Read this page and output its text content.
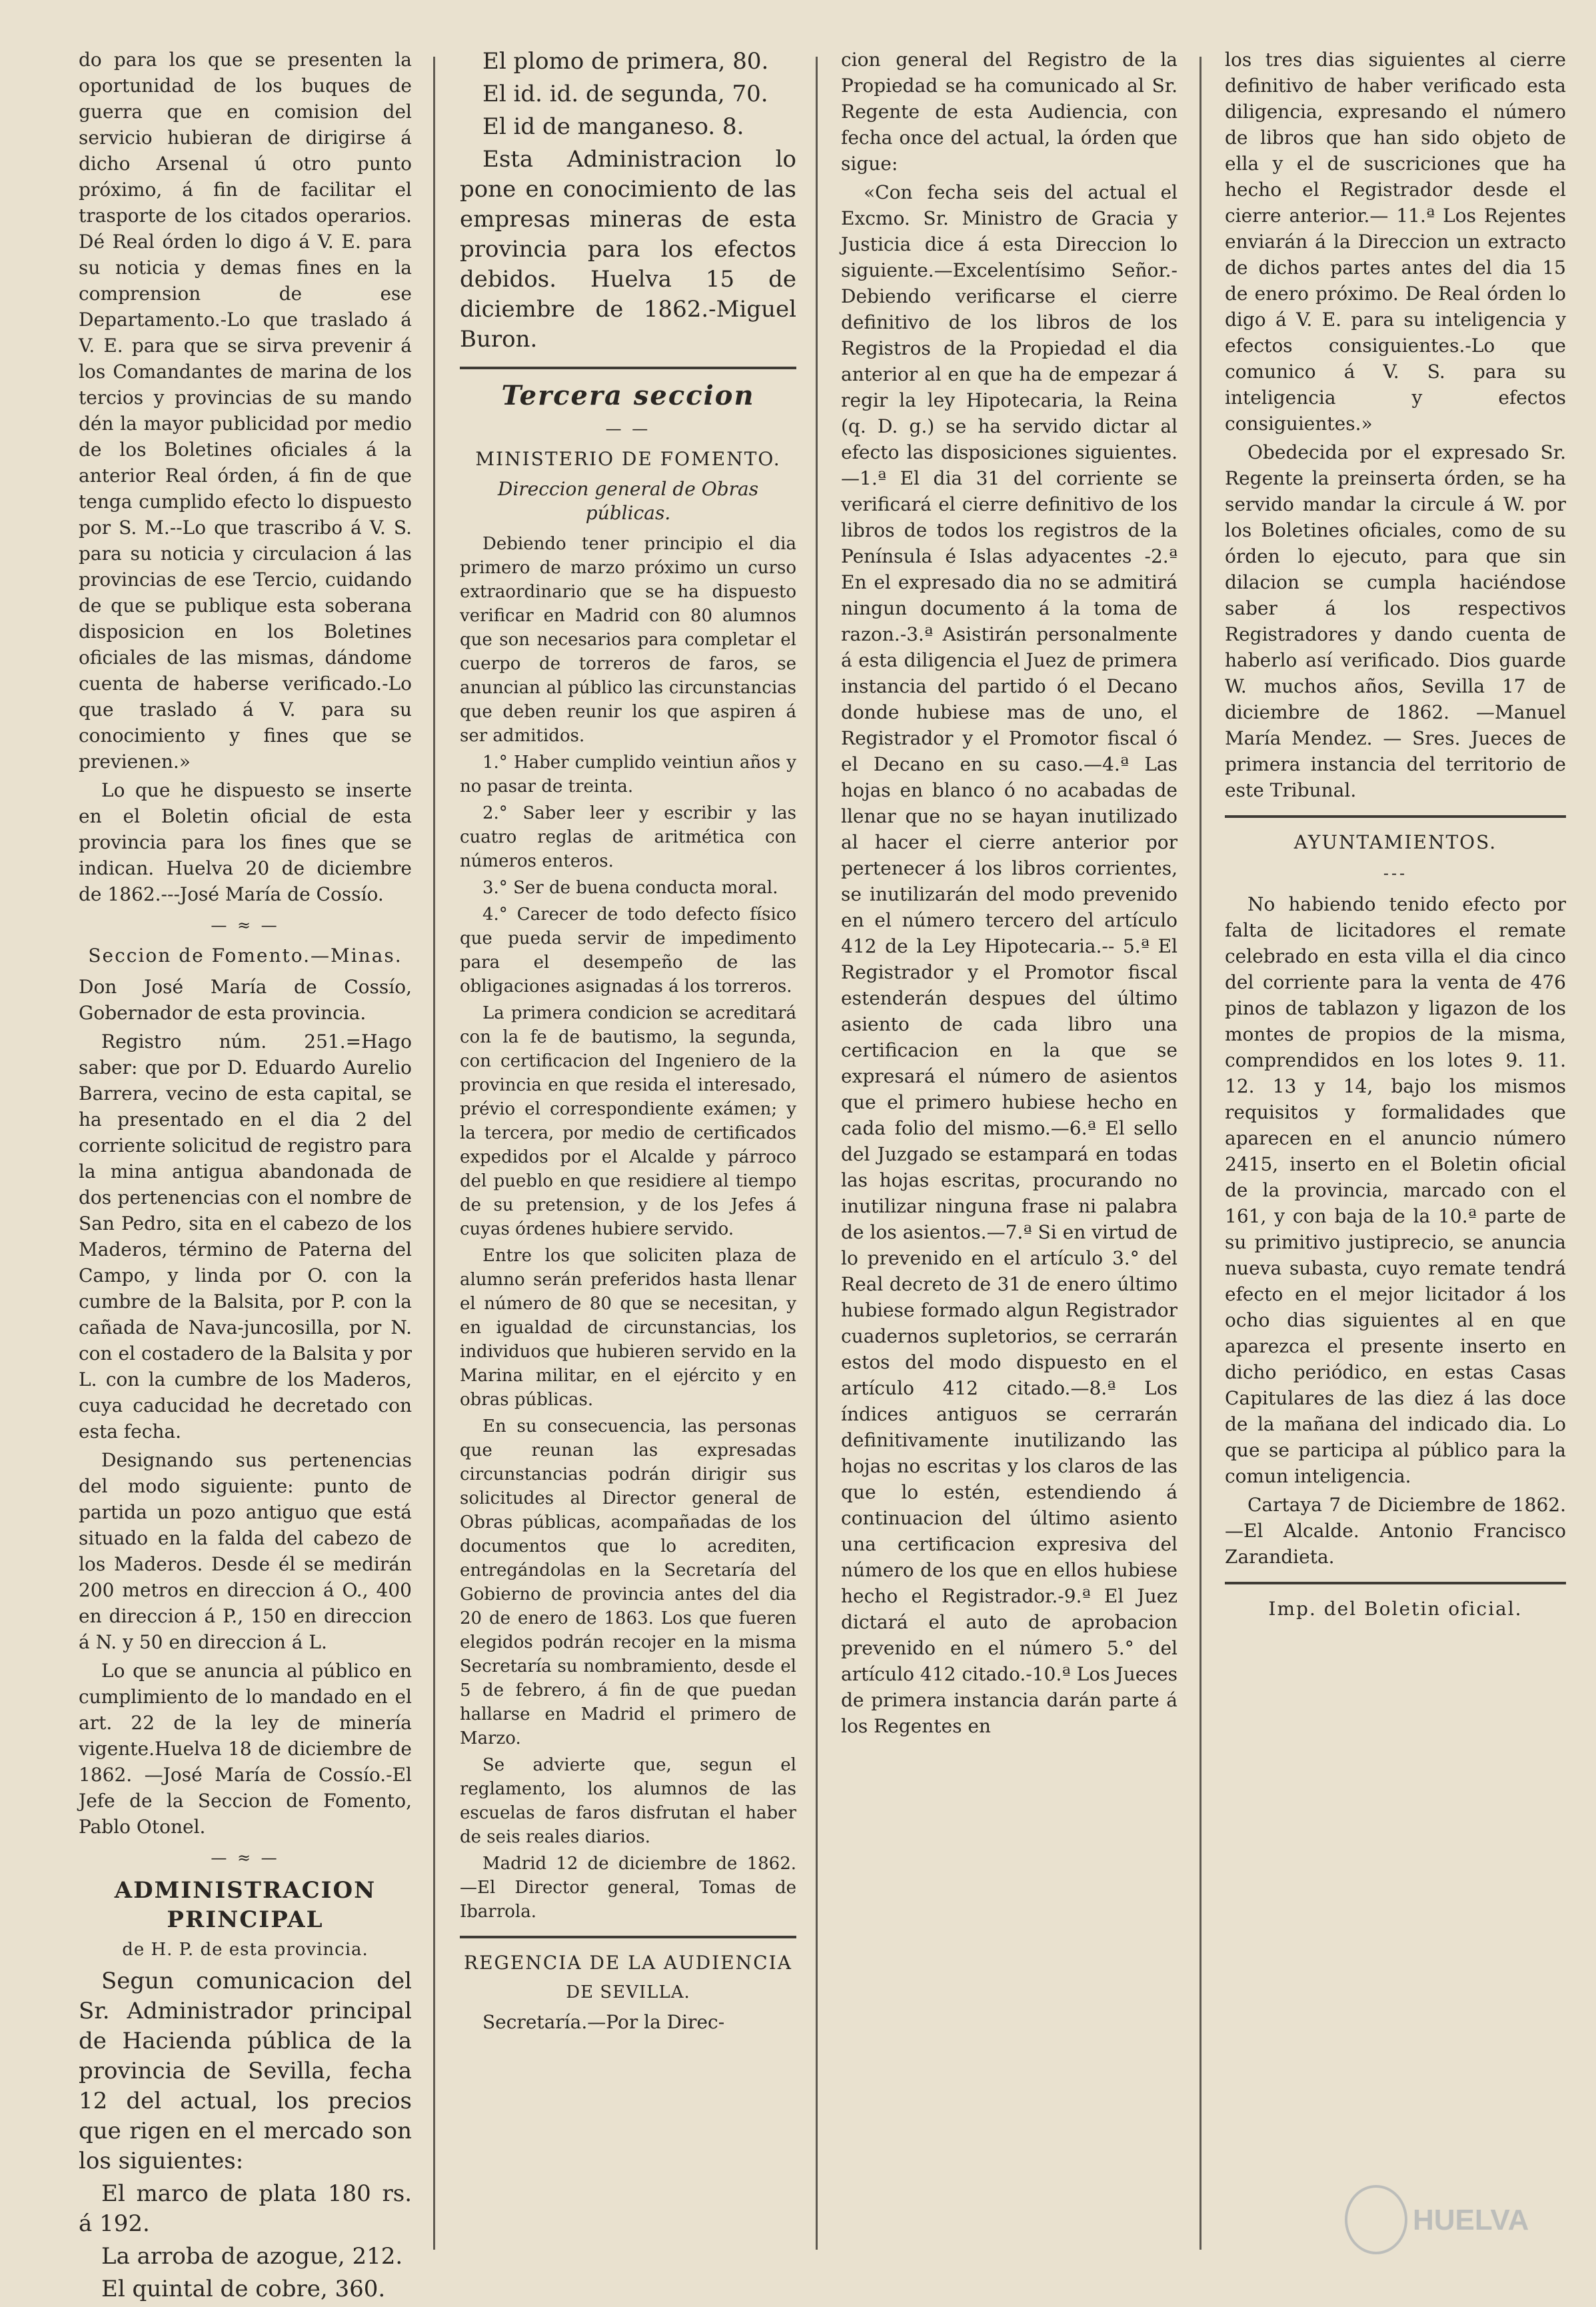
do para los que se presenten la oportunidad de los buques de guerra que en comision del servicio hubieran de dirigirse á dicho Arsenal ú otro punto próximo, á fin de facilitar el trasporte de los citados operarios. Dé Real órden lo digo á V. E. para su noticia y demas fines en la comprension de ese Departamento.-Lo que traslado á V. E. para que se sirva prevenir á los Comandantes de marina de los tercios y provincias de su mando dén la mayor publicidad por medio de los Boletines oficiales á la anterior Real órden, á fin de que tenga cumplido efecto lo dispuesto por S. M.--Lo que trascribo á V. S. para su noticia y circulacion á las provincias de ese Tercio, cuidando de que se publique esta soberana disposicion en los Boletines oficiales de las mismas, dándome cuenta de haberse verificado.-Lo que traslado á V. para su conocimiento y fines que se previenen.»

Lo que he dispuesto se inserte en el Boletin oficial de esta provincia para los fines que se indican. Huelva 20 de diciembre de 1862.---José María de Cossío.

— ≈ —
Seccion de Fomento.—Minas.

Don José María de Cossío, Gobernador de esta provincia.

Registro núm. 251.=Hago saber: que por D. Eduardo Aurelio Barrera, vecino de esta capital, se ha presentado en el dia 2 del corriente solicitud de registro para la mina antigua abandonada de dos pertenencias con el nombre de San Pedro, sita en el cabezo de los Maderos, término de Paterna del Campo, y linda por O. con la cumbre de la Balsita, por P. con la cañada de Nava-juncosilla, por N. con el costadero de la Balsita y por L. con la cumbre de los Maderos, cuya caducidad he decretado con esta fecha.

Designando sus pertenencias del modo siguiente: punto de partida un pozo antiguo que está situado en la falda del cabezo de los Maderos. Desde él se medirán 200 metros en direccion á O., 400 en direccion á P., 150 en direccion á N. y 50 en direccion á L.

Lo que se anuncia al público en cumplimiento de lo mandado en el art. 22 de la ley de minería vigente.Huelva 18 de diciembre de 1862. —José María de Cossío.-El Jefe de la Seccion de Fomento, Pablo Otonel.

— ≈ —
ADMINISTRACION PRINCIPAL
de H. P. de esta provincia.

Segun comunicacion del Sr. Administrador principal de Hacienda pública de la provincia de Sevilla, fecha 12 del actual, los precios que rigen en el mercado son los siguientes:

El marco de plata 180 rs. á 192.

La arroba de azogue, 212.

El quintal de cobre, 360.

El plomo de primera, 80.

El id. id. de segunda, 70.

El id de manganeso. 8.

Esta Administracion lo pone en conocimiento de las empresas mineras de esta provincia para los efectos debidos. Huelva 15 de diciembre de 1862.-Miguel Buron.

Tercera seccion
— —
MINISTERIO DE FOMENTO.
Direccion general de Obras públicas.

Debiendo tener principio el dia primero de marzo próximo un curso extraordinario que se ha dispuesto verificar en Madrid con 80 alumnos que son necesarios para completar el cuerpo de torreros de faros, se anuncian al público las circunstancias que deben reunir los que aspiren á ser admitidos.

1.° Haber cumplido veintiun años y no pasar de treinta.

2.° Saber leer y escribir y las cuatro reglas de aritmética con números enteros.

3.° Ser de buena conducta moral.

4.° Carecer de todo defecto físico que pueda servir de impedimento para el desempeño de las obligaciones asignadas á los torreros.

La primera condicion se acreditará con la fe de bautismo, la segunda, con certificacion del Ingeniero de la provincia en que resida el interesado, prévio el correspondiente exámen; y la tercera, por medio de certificados expedidos por el Alcalde y párroco del pueblo en que residiere al tiempo de su pretension, y de los Jefes á cuyas órdenes hubiere servido.

Entre los que soliciten plaza de alumno serán preferidos hasta llenar el número de 80 que se necesitan, y en igualdad de circunstancias, los individuos que hubieren servido en la Marina militar, en el ejército y en obras públicas.

En su consecuencia, las personas que reunan las expresadas circunstancias podrán dirigir sus solicitudes al Director general de Obras públicas, acompañadas de los documentos que lo acrediten, entregándolas en la Secretaría del Gobierno de provincia antes del dia 20 de enero de 1863. Los que fueren elegidos podrán recojer en la misma Secretaría su nombramiento, desde el 5 de febrero, á fin de que puedan hallarse en Madrid el primero de Marzo.

Se advierte que, segun el reglamento, los alumnos de las escuelas de faros disfrutan el haber de seis reales diarios.

Madrid 12 de diciembre de 1862. —El Director general, Tomas de Ibarrola.

REGENCIA DE LA AUDIENCIA
DE SEVILLA.

Secretaría.—Por la Direc-

cion general del Registro de la Propiedad se ha comunicado al Sr. Regente de esta Audiencia, con fecha once del actual, la órden que sigue:

«Con fecha seis del actual el Excmo. Sr. Ministro de Gracia y Justicia dice á esta Direccion lo siguiente.—Excelentísimo Señor.-Debiendo verificarse el cierre definitivo de los libros de los Registros de la Propiedad el dia anterior al en que ha de empezar á regir la ley Hipotecaria, la Reina (q. D. g.) se ha servido dictar al efecto las disposiciones siguientes.—1.ª El dia 31 del corriente se verificará el cierre definitivo de los libros de todos los registros de la Península é Islas adyacentes -2.ª En el expresado dia no se admitirá ningun documento á la toma de razon.-3.ª Asistirán personalmente á esta diligencia el Juez de primera instancia del partido ó el Decano donde hubiese mas de uno, el Registrador y el Promotor fiscal ó el Decano en su caso.—4.ª Las hojas en blanco ó no acabadas de llenar que no se hayan inutilizado al hacer el cierre anterior por pertenecer á los libros corrientes, se inutilizarán del modo prevenido en el número tercero del artículo 412 de la Ley Hipotecaria.-- 5.ª El Registrador y el Promotor fiscal estenderán despues del último asiento de cada libro una certificacion en la que se expresará el número de asientos que el primero hubiese hecho en cada folio del mismo.—6.ª El sello del Juzgado se estampará en todas las hojas escritas, procurando no inutilizar ninguna frase ni palabra de los asientos.—7.ª Si en virtud de lo prevenido en el artículo 3.° del Real decreto de 31 de enero último hubiese formado algun Registrador cuadernos supletorios, se cerrarán estos del modo dispuesto en el artículo 412 citado.—8.ª Los índices antiguos se cerrarán definitivamente inutilizando las hojas no escritas y los claros de las que lo estén, estendiendo á continuacion del último asiento una certificacion expresiva del número de los que en ellos hubiese hecho el Registrador.-9.ª El Juez dictará el auto de aprobacion prevenido en el número 5.° del artículo 412 citado.-10.ª Los Jueces de primera instancia darán parte á los Regentes en

los tres dias siguientes al cierre definitivo de haber verificado esta diligencia, expresando el número de libros que han sido objeto de ella y el de suscriciones que ha hecho el Registrador desde el cierre anterior.— 11.ª Los Rejentes enviarán á la Direccion un extracto de dichos partes antes del dia 15 de enero próximo. De Real órden lo digo á V. E. para su inteligencia y efectos consiguientes.-Lo que comunico á V. S. para su inteligencia y efectos consiguientes.»

Obedecida por el expresado Sr. Regente la preinserta órden, se ha servido mandar la circule á W. por los Boletines oficiales, como de su órden lo ejecuto, para que sin dilacion se cumpla haciéndose saber á los respectivos Registradores y dando cuenta de haberlo así verificado. Dios guarde W. muchos años, Sevilla 17 de diciembre de 1862. —Manuel María Mendez. — Sres. Jueces de primera instancia del territorio de este Tribunal.

AYUNTAMIENTOS.
---

No habiendo tenido efecto por falta de licitadores el remate celebrado en esta villa el dia cinco del corriente para la venta de 476 pinos de tablazon y ligazon de los montes de propios de la misma, comprendidos en los lotes 9. 11. 12. 13 y 14, bajo los mismos requisitos y formalidades que aparecen en el anuncio número 2415, inserto en el Boletin oficial de la provincia, marcado con el 161, y con baja de la 10.ª parte de su primitivo justiprecio, se anuncia nueva subasta, cuyo remate tendrá efecto en el mejor licitador á los ocho dias siguientes al en que aparezca el presente inserto en dicho periódico, en estas Casas Capitulares de las diez á las doce de la mañana del indicado dia. Lo que se participa al público para la comun inteligencia.

Cartaya 7 de Diciembre de 1862.—El Alcalde. Antonio Francisco Zarandieta.

Imp. del Boletin oficial.
HUELVA
